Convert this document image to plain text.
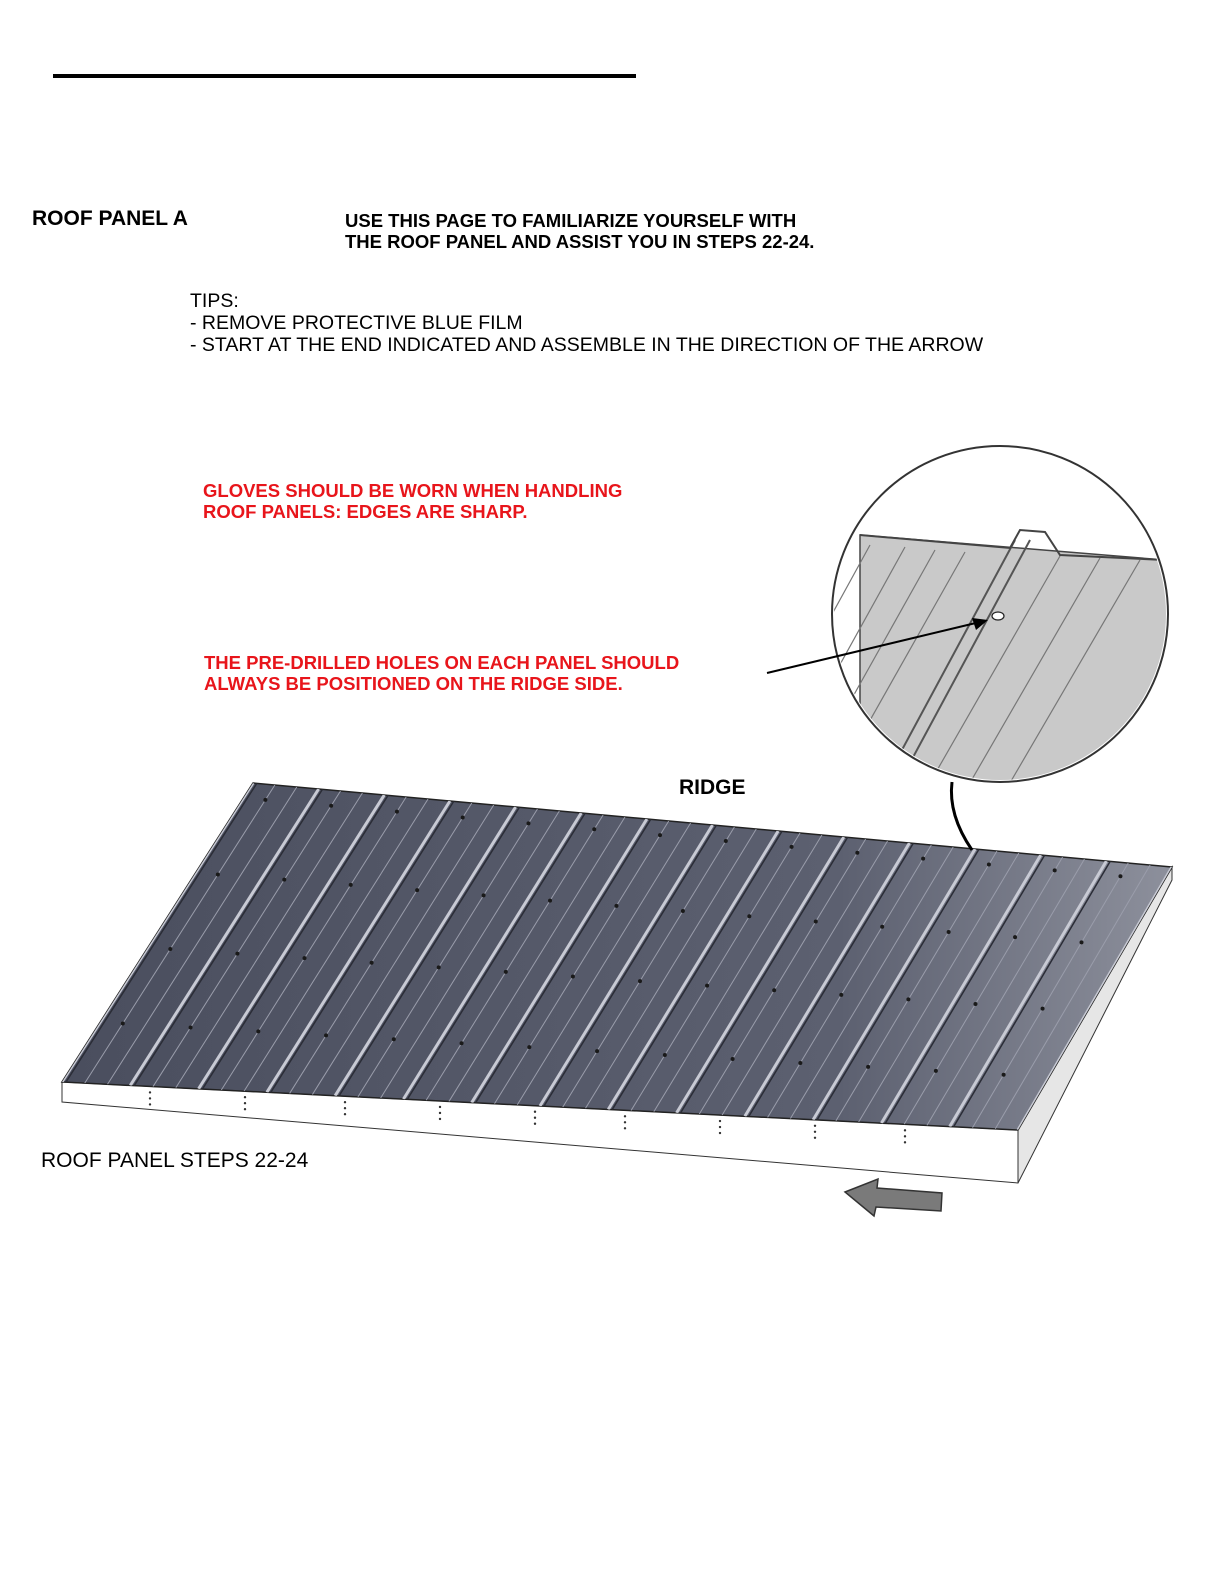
ROOF PANEL A	USE THIS PAGE TO FAMILIARIZE YOURSELF WITH
THE ROOF PANEL AND ASSIST YOU IN STEPS 22-24.
TIPS:
- REMOVE PROTECTIVE BLUE FILM
- START AT THE END INDICATED AND ASSEMBLE IN THE DIRECTION OF THE ARROW
GLOVES SHOULD BE WORN WHEN HANDLING
ROOF PANELS: EDGES ARE SHARP.
THE PRE-DRILLED HOLES ON EACH PANEL SHOULD
ALWAYS BE POSITIONED ON THE RIDGE SIDE.
RIDGE
ROOF PANEL STEPS 22-24
